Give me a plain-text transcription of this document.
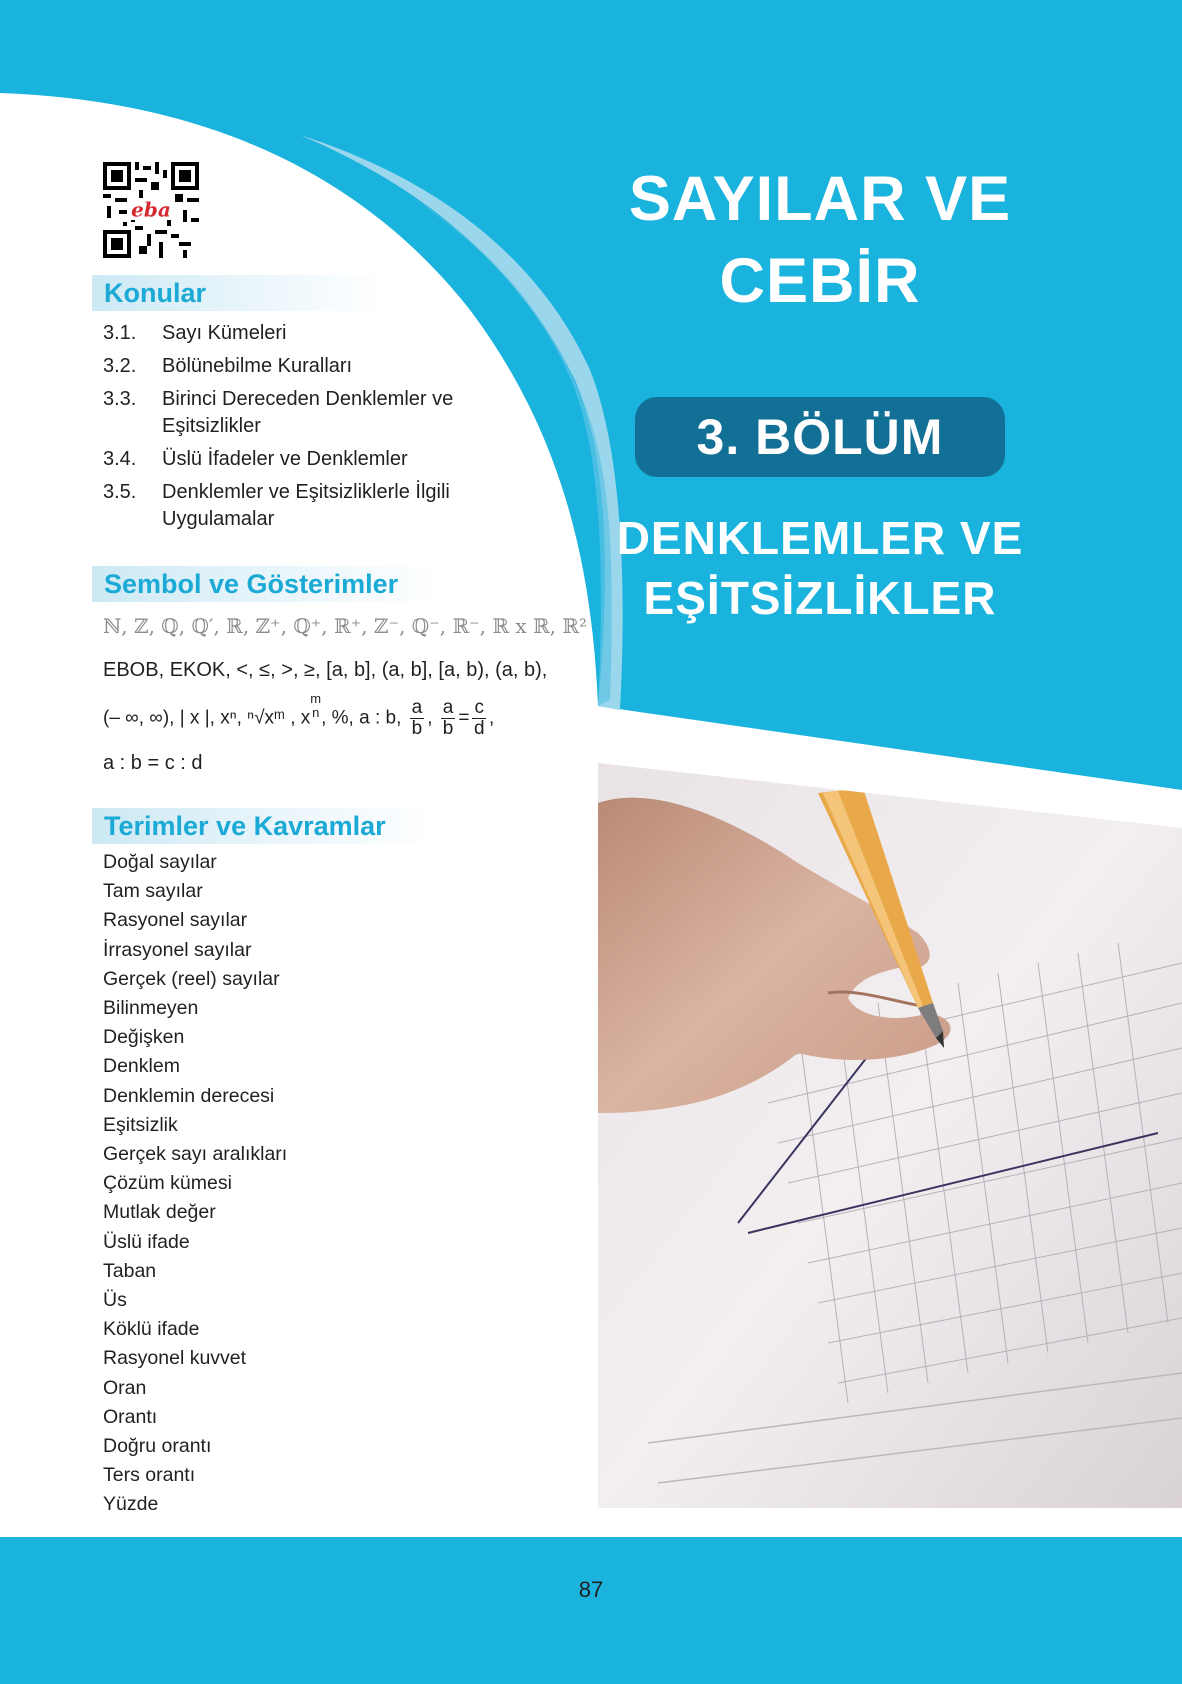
SAYILAR VE
CEBİR
3. BÖLÜM
DENKLEMLER VE
EŞİTSİZLİKLER
eba
Konular
3.1.	Sayı Kümeleri
3.2.	Bölünebilme Kuralları
3.3.	Birinci Dereceden Denklemler ve Eşitsizlikler
3.4.	Üslü İfadeler ve Denklemler
3.5.	Denklemler ve Eşitsizliklerle İlgili Uygulamalar
Sembol ve Gösterimler
ℕ, ℤ, ℚ, ℚ′, ℝ, ℤ⁺, ℚ⁺, ℝ⁺, ℤ⁻, ℚ⁻, ℝ⁻, ℝ x ℝ, ℝ²
EBOB, EKOK, <, ≤, >, ≥, [a, b], (a, b], [a, b), (a, b),
(– ∞, ∞), | x |, xⁿ, ⁿ√xᵐ , x
m
n , %, a : b, $\frac{a}{b}$ , $\frac{a}{b} = \frac{c}{d}$ ,
a : b = c : d
Terimler ve Kavramlar
Doğal sayılar
Tam sayılar
Rasyonel sayılar
İrrasyonel sayılar
Gerçek (reel) sayılar
Bilinmeyen
Değişken
Denklem
Denklemin derecesi
Eşitsizlik
Gerçek sayı aralıkları
Çözüm kümesi
Mutlak değer
Üslü ifade
Taban
Üs
Köklü ifade
Rasyonel kuvvet
Oran
Orantı
Doğru orantı
Ters orantı
Yüzde
87
